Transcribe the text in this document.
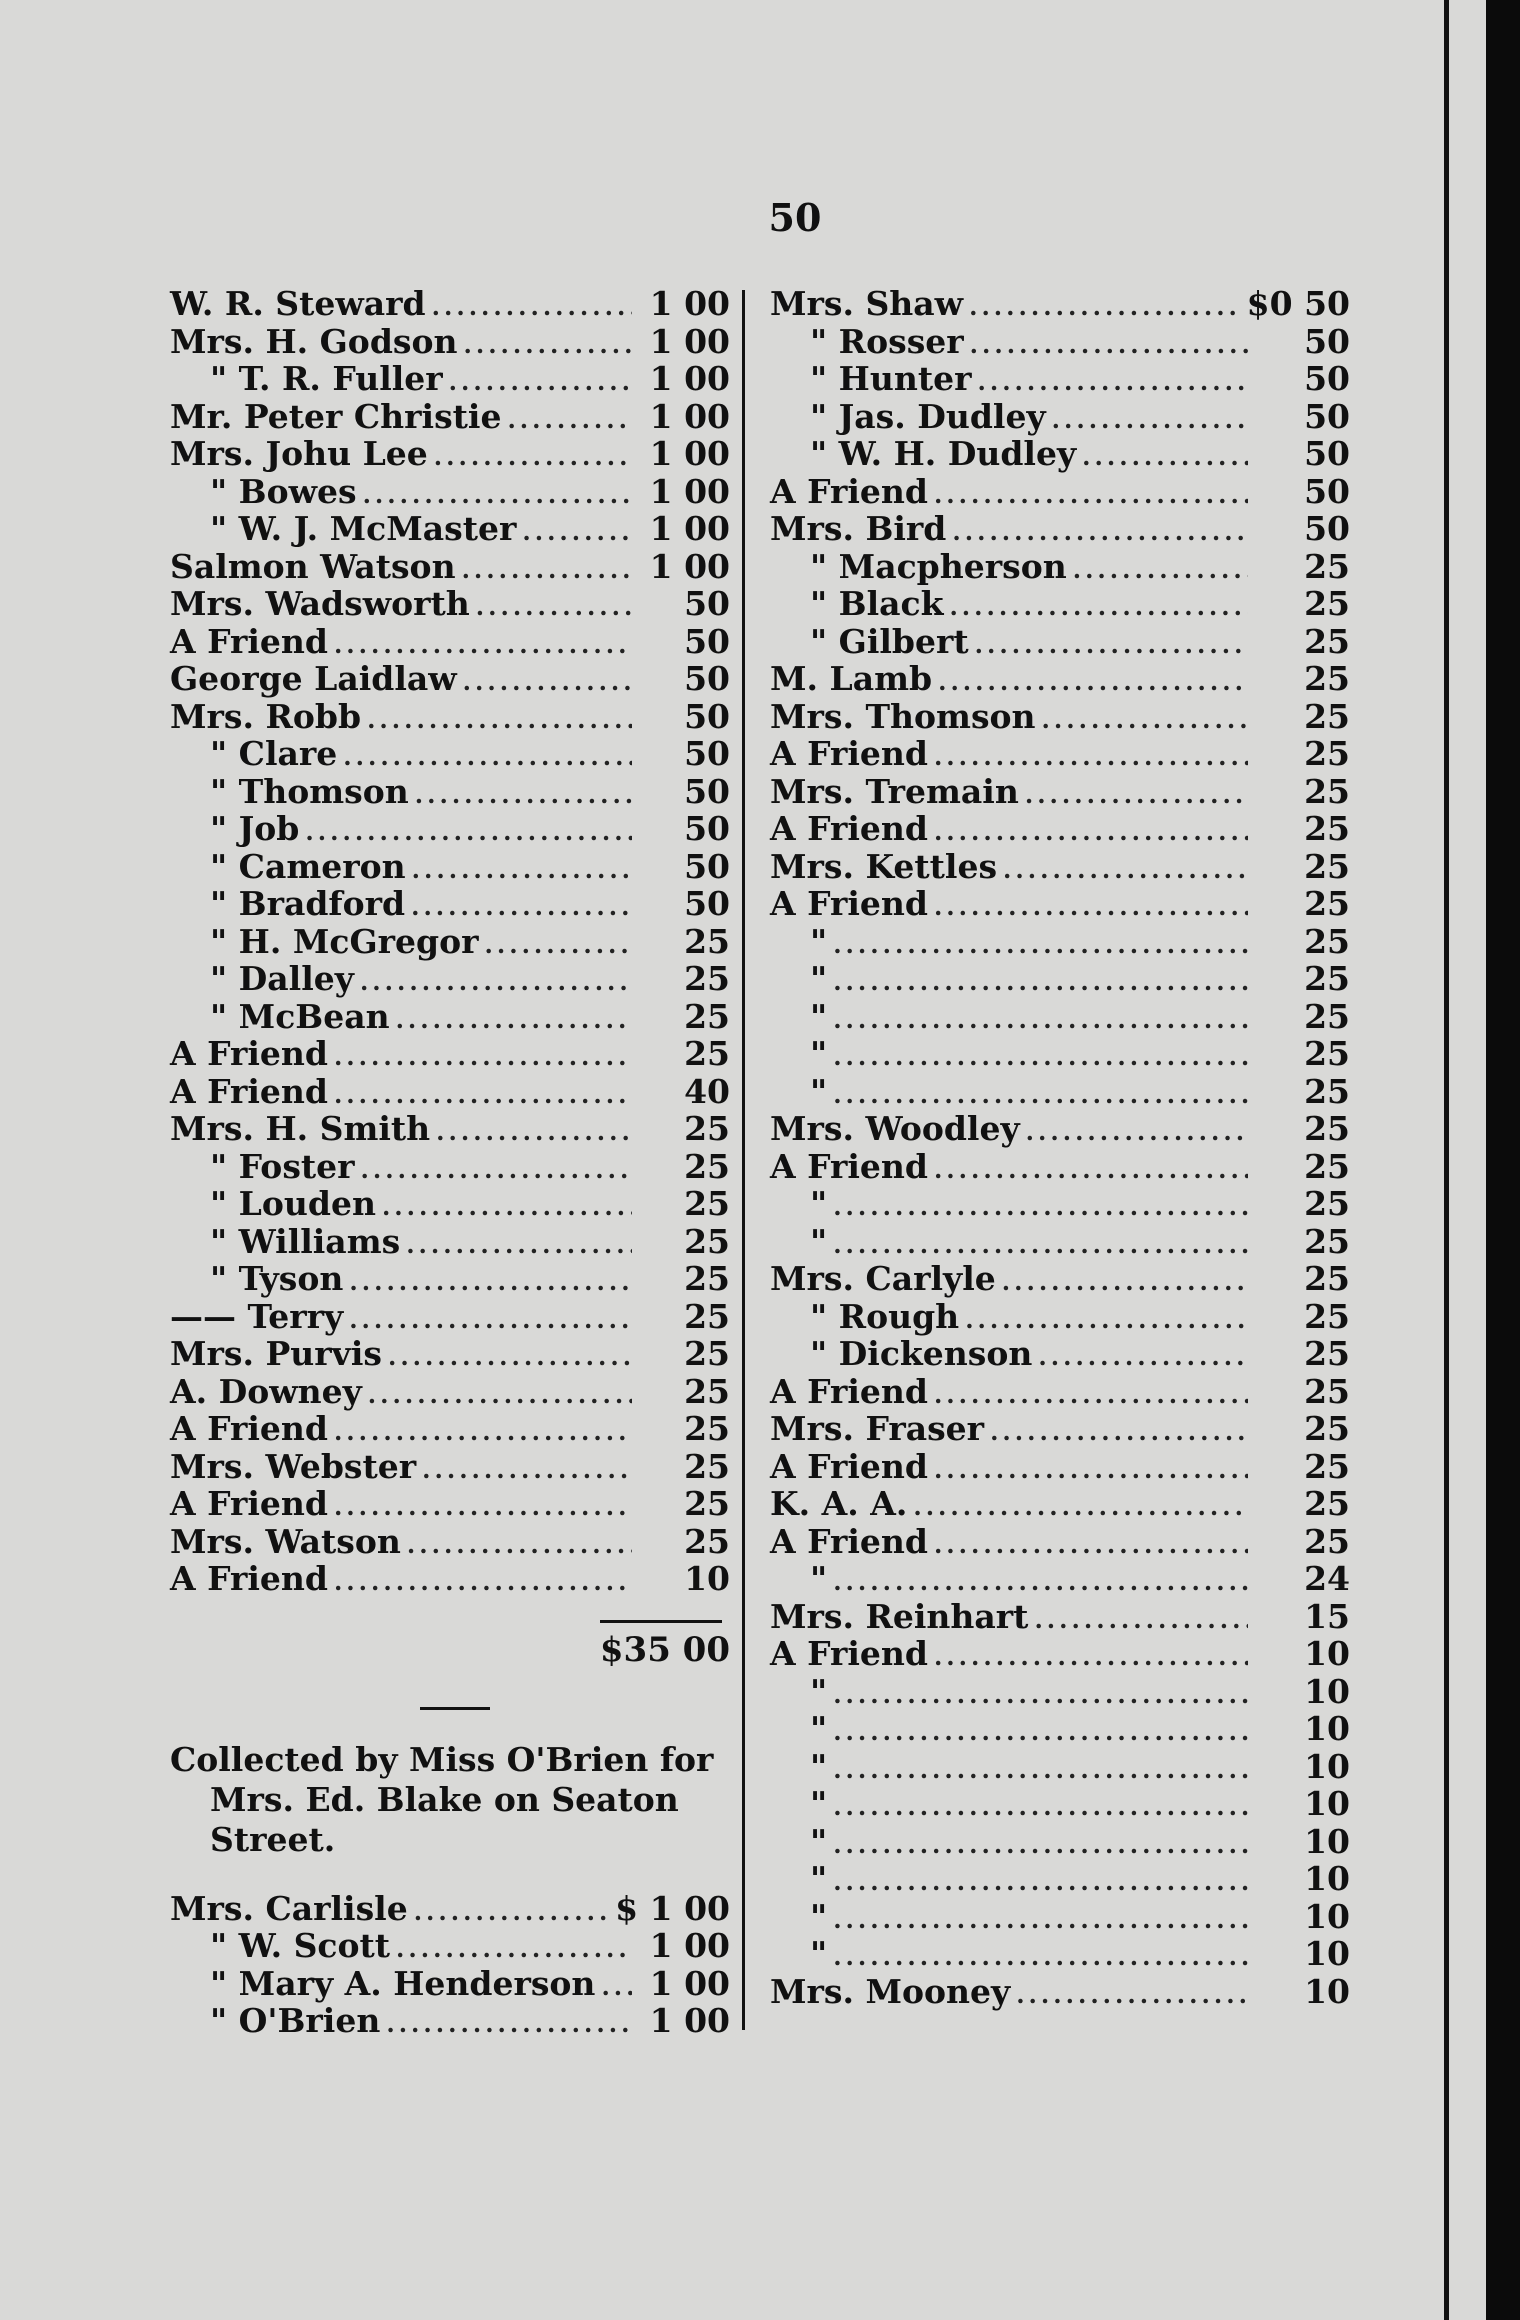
50
W. R. Steward .....	1 00
Mrs. H. Godson .....	1 00
" T. R. Fuller .....	1 00
Mr. Peter Christie .....	1 00
Mrs. Johu Lee .....	1 00
" Bowes .....	1 00
" W. J. McMaster .....	1 00
Salmon Watson .....	1 00
Mrs. Wadsworth .....	50
A Friend .....	50
George Laidlaw .....	50
Mrs. Robb .....	50
" Clare .....	50
" Thomson .....	50
" Job .....	50
" Cameron .....	50
" Bradford .....	50
" H. McGregor .....	25
" Dalley .....	25
" McBean .....	25
A Friend .....	25
A Friend .....	40
Mrs. H. Smith .....	25
" Foster .....	25
" Louden .....	25
" Williams .....	25
" Tyson .....	25
—— Terry .....	25
Mrs. Purvis .....	25
A. Downey .....	25
A Friend .....	25
Mrs. Webster .....	25
A Friend .....	25
Mrs. Watson .....	25
A Friend .....	10
$35 00
Collected by Miss O'Brien for
Mrs. Ed. Blake on Seaton
Street.
Mrs. Carlisle .....	$ 1 00
" W. Scott .....	1 00
" Mary A. Henderson .....	1 00
" O'Brien .....	1 00
Mrs. Shaw .....	$0 50
" Rosser .....	50
" Hunter .....	50
" Jas. Dudley .....	50
" W. H. Dudley .....	50
A Friend .....	50
Mrs. Bird .....	50
" Macpherson .....	25
" Black .....	25
" Gilbert .....	25
M. Lamb .....	25
Mrs. Thomson .....	25
A Friend .....	25
Mrs. Tremain .....	25
A Friend .....	25
Mrs. Kettles .....	25
A Friend .....	25
" .....	25
" .....	25
" .....	25
" .....	25
" .....	25
Mrs. Woodley .....	25
A Friend .....	25
" .....	25
" .....	25
Mrs. Carlyle .....	25
" Rough .....	25
" Dickenson .....	25
A Friend .....	25
Mrs. Fraser .....	25
A Friend .....	25
K. A. A. .....	25
A Friend .....	25
" .....	24
Mrs. Reinhart .....	15
A Friend .....	10
" .....	10
" .....	10
" .....	10
" .....	10
" .....	10
" .....	10
" .....	10
" .....	10
Mrs. Mooney .....	10
